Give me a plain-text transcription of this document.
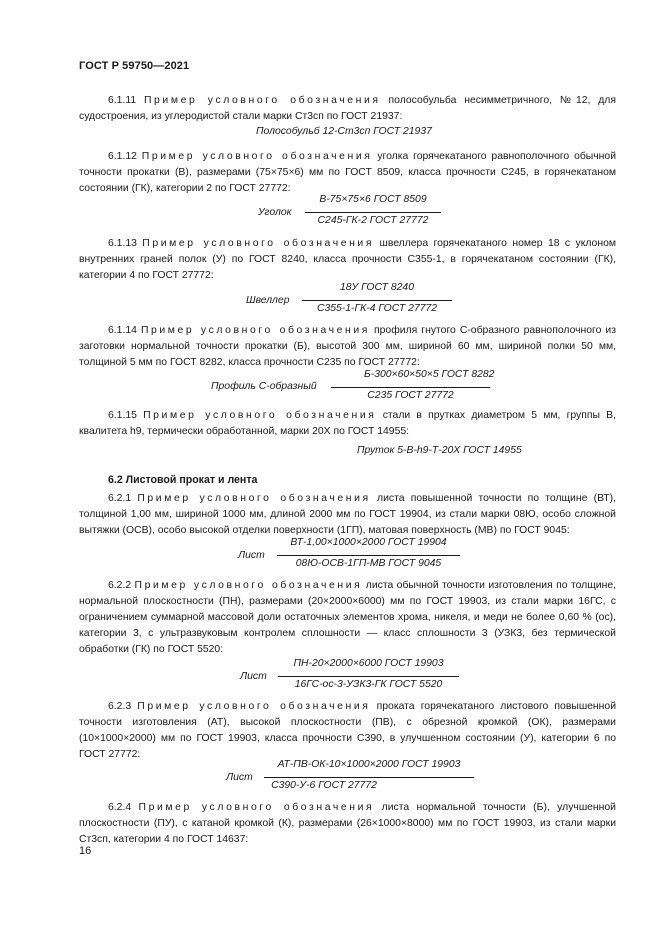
ГОСТ Р 59750—2021
6.1.11 Пример условного обозначения полособульба несимметричного, №12, для судостроения, из углеродистой стали марки Ст3сп по ГОСТ 21937:
Полособульб 12-Ст3сп ГОСТ 21937
6.1.12 Пример условного обозначения уголка горячекатаного равнополочного обычной точности прокатки (В), размерами (75×75×6) мм по ГОСТ 8509, класса прочности С245, в горячекатаном состоянии (ГК), категории 2 по ГОСТ 27772:
Уголок
В-75×75×6 ГОСТ 8509
С245-ГК-2 ГОСТ 27772
6.1.13 Пример условного обозначения швеллера горячекатаного номер 18 с уклоном внутренних граней полок (У) по ГОСТ 8240, класса прочности С355-1, в горячекатаном состоянии (ГК), категории 4 по ГОСТ 27772:
Швеллер
18У ГОСТ 8240
С355-1-ГК-4 ГОСТ 27772
6.1.14 Пример условного обозначения профиля гнутого С-образного равнополочного из заготовки нормальной точности прокатки (Б), высотой 300 мм, шириной 60 мм, шириной полки 50 мм, толщиной 5 мм по ГОСТ 8282, класса прочности С235 по ГОСТ 27772:
Профиль С-образный
Б-300×60×50×5 ГОСТ 8282
С235 ГОСТ 27772
6.1.15 Пример условного обозначения стали в прутках диаметром 5 мм, группы В, квалитета h9, термически обработанной, марки 20Х по ГОСТ 14955:
Пруток 5-В-h9-Т-20Х ГОСТ 14955
6.2 Листовой прокат и лента
6.2.1 Пример условного обозначения листа повышенной точности по толщине (ВТ), толщиной 1,00 мм, шириной 1000 мм, длиной 2000 мм по ГОСТ 19904, из стали марки 08Ю, особо сложной вытяжки (ОСВ), особо высокой отделки поверхности (1ГП), матовая поверхность (МВ) по ГОСТ 9045:
Лист
ВТ-1,00×1000×2000 ГОСТ 19904
08Ю-ОСВ-1ГП-МВ ГОСТ 9045
6.2.2 Пример условного обозначения листа обычной точности изготовления по толщине, нормальной плоскостности (ПН), размерами (20×2000×6000) мм по ГОСТ 19903, из стали марки 16ГС, с ограничением суммарной массовой доли остаточных элементов хрома, никеля, и меди не более 0,60 % (ос), категории 3, с ультразвуковым контролем сплошности — класс сплошности 3 (УЗК3, без термической обработки (ГК) по ГОСТ 5520:
Лист
ПН-20×2000×6000 ГОСТ 19903
16ГС-ос-3-УЗК3-ГК ГОСТ 5520
6.2.3 Пример условного обозначения проката горячекатаного листового повышенной точности изготовления (АТ), высокой плоскостности (ПВ), с обрезной кромкой (ОК), размерами (10×1000×2000) мм по ГОСТ 19903, класса прочности С390, в улучшенном состоянии (У), категории 6 по ГОСТ 27772:
Лист
АТ-ПВ-ОК-10×1000×2000 ГОСТ 19903
С390-У-6 ГОСТ 27772
6.2.4 Пример условного обозначения листа нормальной точности (Б), улучшенной плоскостности (ПУ), с катаной кромкой (К), размерами (26×1000×8000) мм по ГОСТ 19903, из стали марки Ст3сп, категории 4 по ГОСТ 14637:
16
